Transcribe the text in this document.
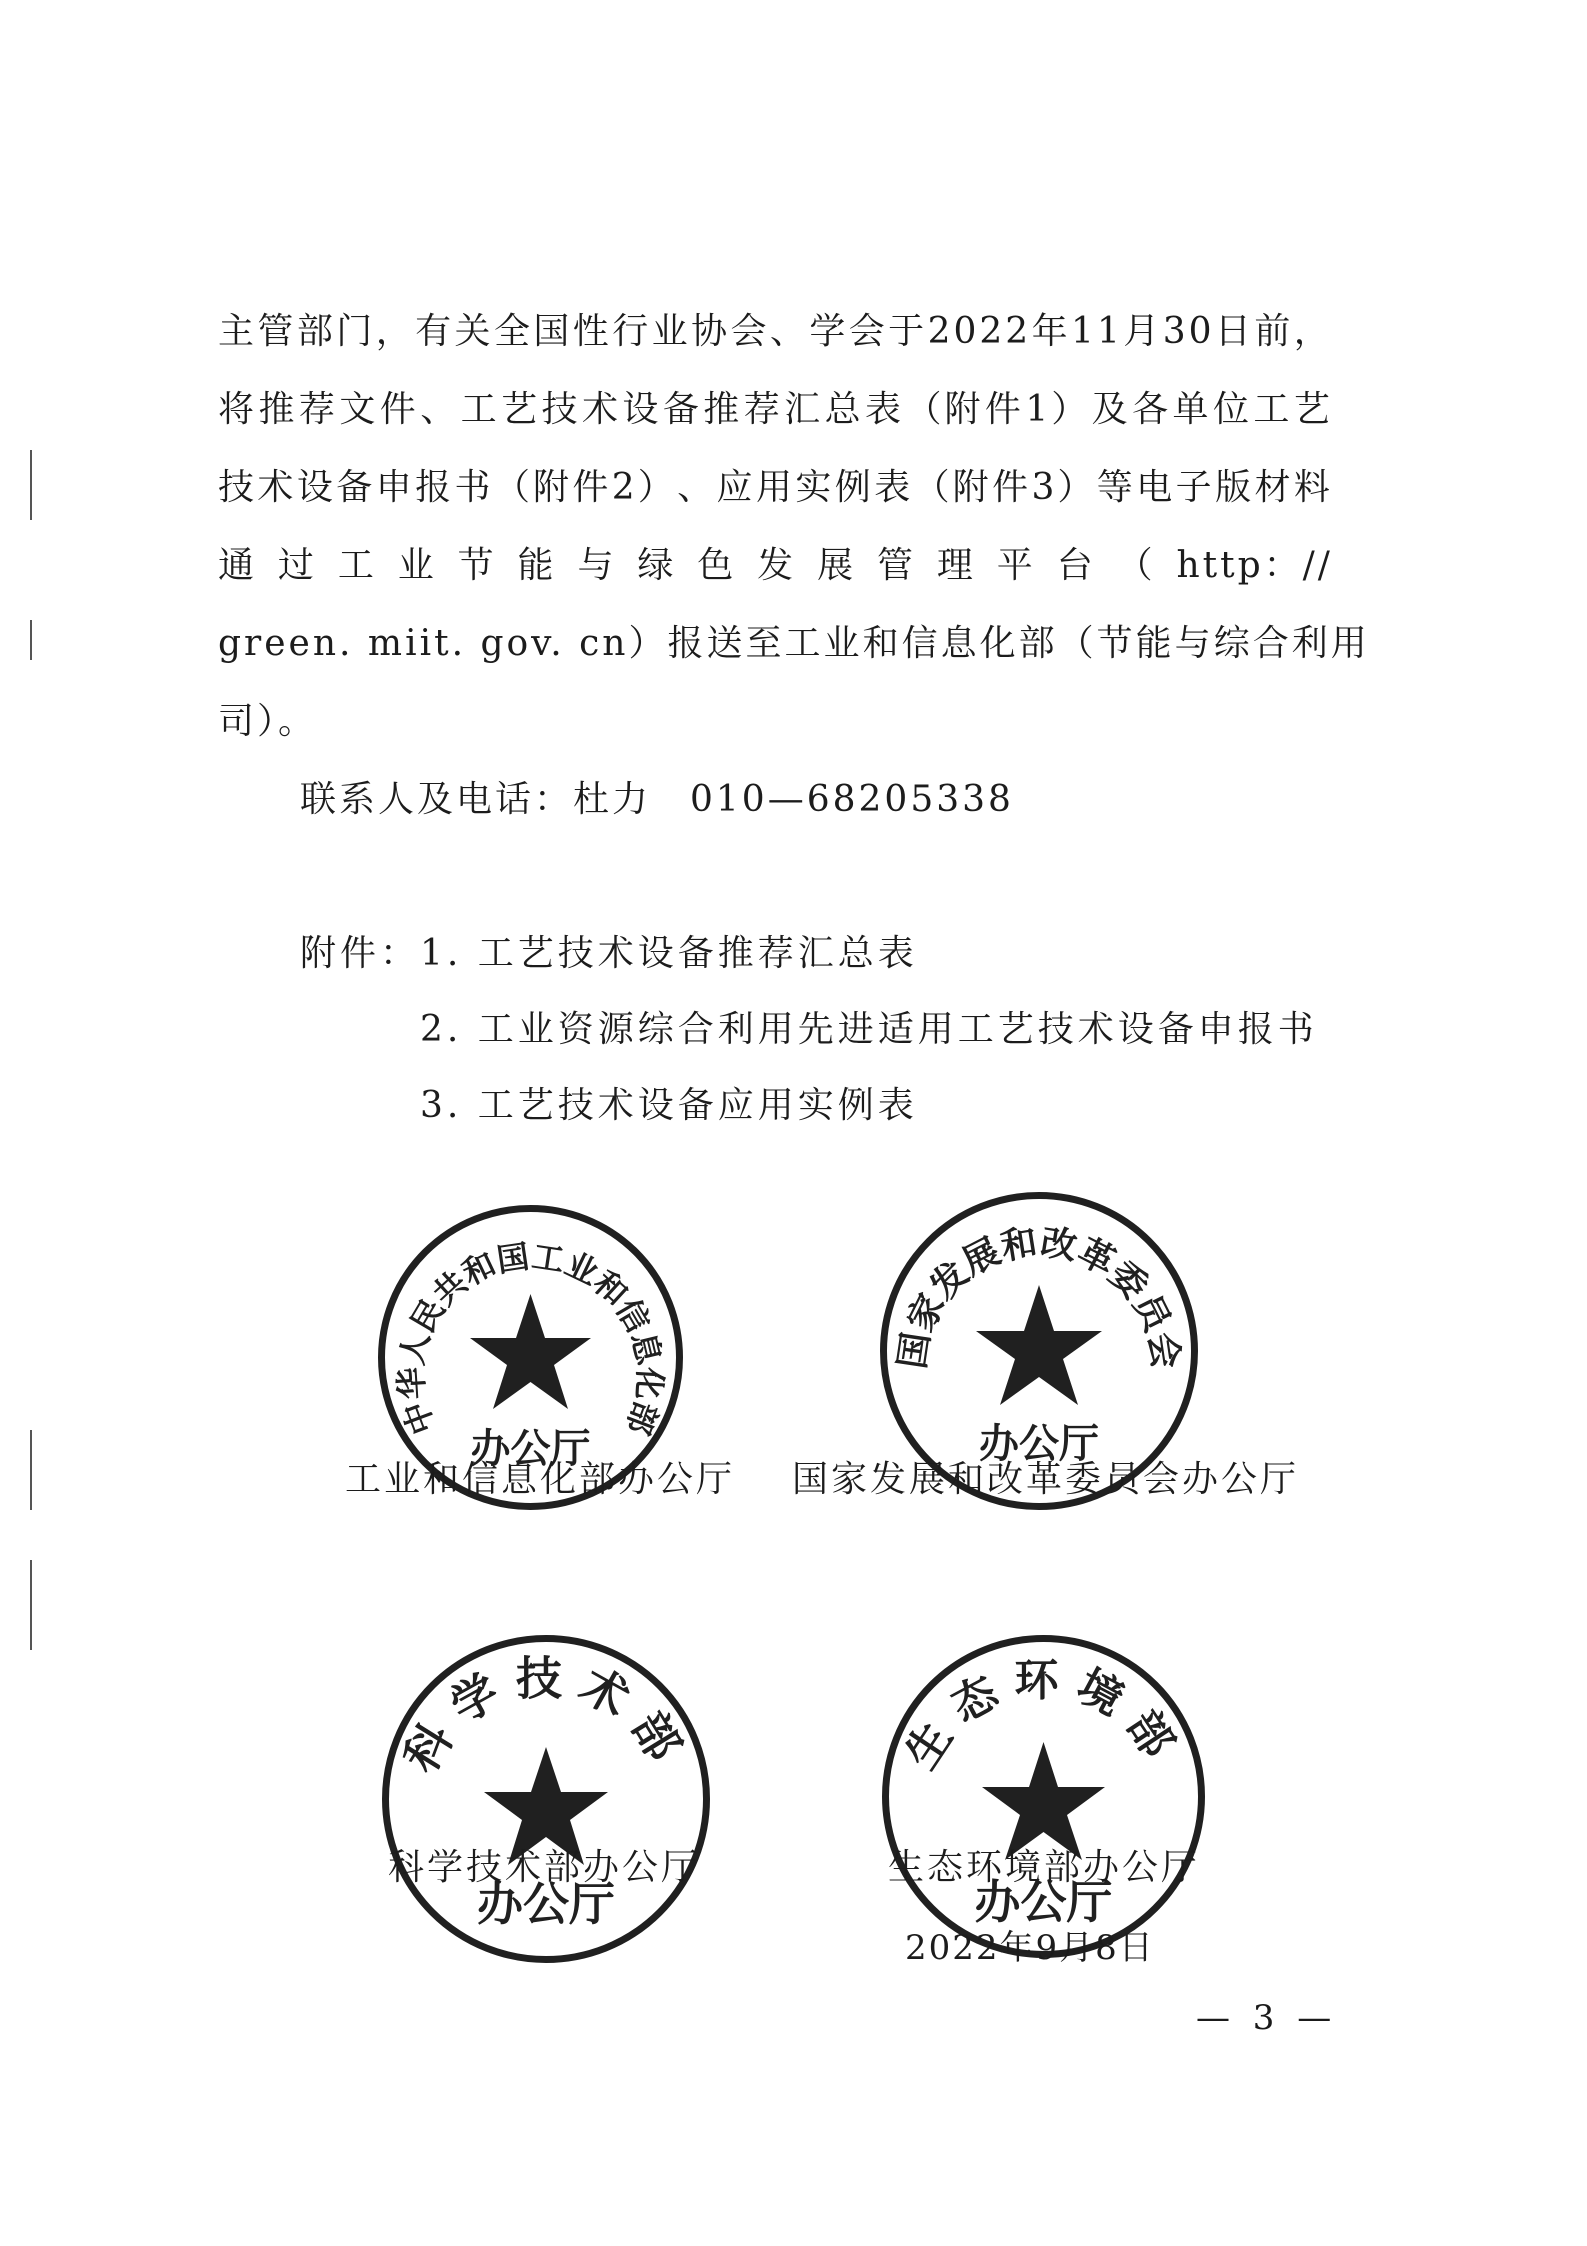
主 管 部 门 ， 有 关 全 国 性 行 业 协 会 、 学 会 于 2022 年 11 月 30 日 前 ，
将 推 荐 文 件 、 工 艺 技 术 设 备 推 荐 汇 总 表 （附 件 1） 及 各 单 位 工 艺
技 术 设 备 申 报 书 （附 件 2） 、 应 用 实 例 表 （附 件 3） 等 电 子 版 材 料
通 过 工 业 节 能 与 绿 色 发 展 管 理 平 台 （ http：//
green. miit. gov. cn） 报 送 至 工 业 和 信 息 化 部 （节 能 与 综 合 利 用
司）。
联系人及电话：杜力　010—68205338
附件： 1. 工艺技术设备推荐汇总表
2. 工业资源综合利用先进适用工艺技术设备申报书
3. 工艺技术设备应用实例表
中华人民共和国工业和信息化部
办公厅
工业和信息化部办公厅
国家发展和改革委员会
办公厅
国家发展和改革委员会办公厅
科学技术部
办公厅
科学技术部办公厅
生态环境部
办公厅
生态环境部办公厅
2022年9月8日
— 3 —
